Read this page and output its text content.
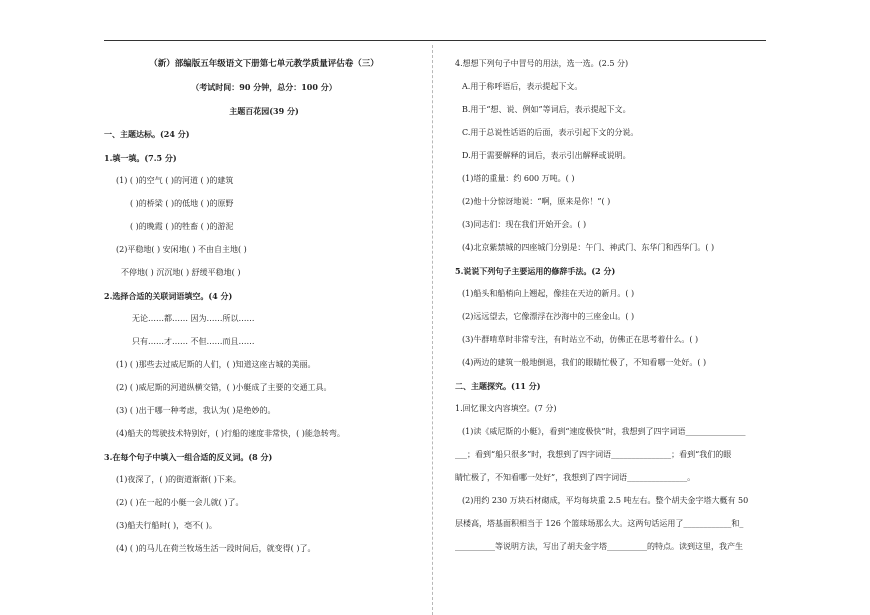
（新）部编版五年级语文下册第七单元教学质量评估卷（三）
（考试时间：90 分钟，总分：100 分）
主题百花园(39 分)
一、主题达标。(24 分)
1.填一填。(7.5 分)
(1) ( )的空气 ( )的河道 ( )的建筑
( )的桥梁 ( )的低地 ( )的原野
( )的晚霞 ( )的牲畜 ( )的游泥
(2)平稳地( ) 安闲地( ) 不由自主地( )
不停地( ) 沉沉地( ) 舒缓平稳地( )
2.选择合适的关联词语填空。(4 分)
无论……都…… 因为……所以……
只有……才…… 不但……而且……
(1) ( )那些去过威尼斯的人们，( )知道这座古城的美丽。
(2) ( )威尼斯的河道纵横交错，( )小艇成了主要的交通工具。
(3) ( )出于哪一种考虑，我认为( )是绝妙的。
(4)船夫的驾驶技术特别好，( )行船的速度非常快，( )能急转弯。
3.在每个句子中填入一组合适的反义词。(8 分)
(1)夜深了，( )的街道渐渐( )下来。
(2) ( )在一起的小艇一会儿就( )了。
(3)船夫行船时( )，亳不( )。
(4) ( )的马儿在荷兰牧场生活一段时间后，就变得( )了。
4.想想下列句子中冒号的用法，选一选。(2.5 分)
A.用于称呼语后，表示提起下文。
B.用于“想、说、例如”等词后，表示提起下文。
C.用于总说性话语的后面，表示引起下文的分说。
D.用于需要解释的词后，表示引出解释或说明。
(1)塔的重量：约 600 万吨。( )
(2)他十分惊讶地说：“啊，原来是你！”( )
(3)同志们：现在我们开始开会。( )
(4)北京紫禁城的四座城门分别是：午门、神武门、东华门和西华门。( )
5.说说下列句子主要运用的修辞手法。(2 分)
(1)船头和船梢向上翘起，像挂在天边的新月。( )
(2)远远望去，它像漂浮在沙海中的三座金山。( )
(3)牛群啃草时非常专注，有时站立不动，仿佛正在思考着什么。( )
(4)两边的建筑一般地倒退，我们的眼睛忙极了，不知看哪一处好。( )
二、主题探究。(11 分)
1.回忆课文内容填空。(7 分)
(1)读《威尼斯的小艇》，看到“速度极快”时，我想到了四字词语_______________
___；看到“船只很多”时，我想到了四字词语_______________；看到“我们的眼
睛忙极了，不知看哪一处好”，我想到了四字词语_______________。
(2)用约 230 万块石材砌成，平均每块重 2.5 吨左右。整个胡夫金字塔大概有 50
层楼高，塔基面积相当于 126 个篮球场那么大。这两句话运用了____________和_
__________等说明方法，写出了胡夫金字塔__________的特点。读到这里，我产生
